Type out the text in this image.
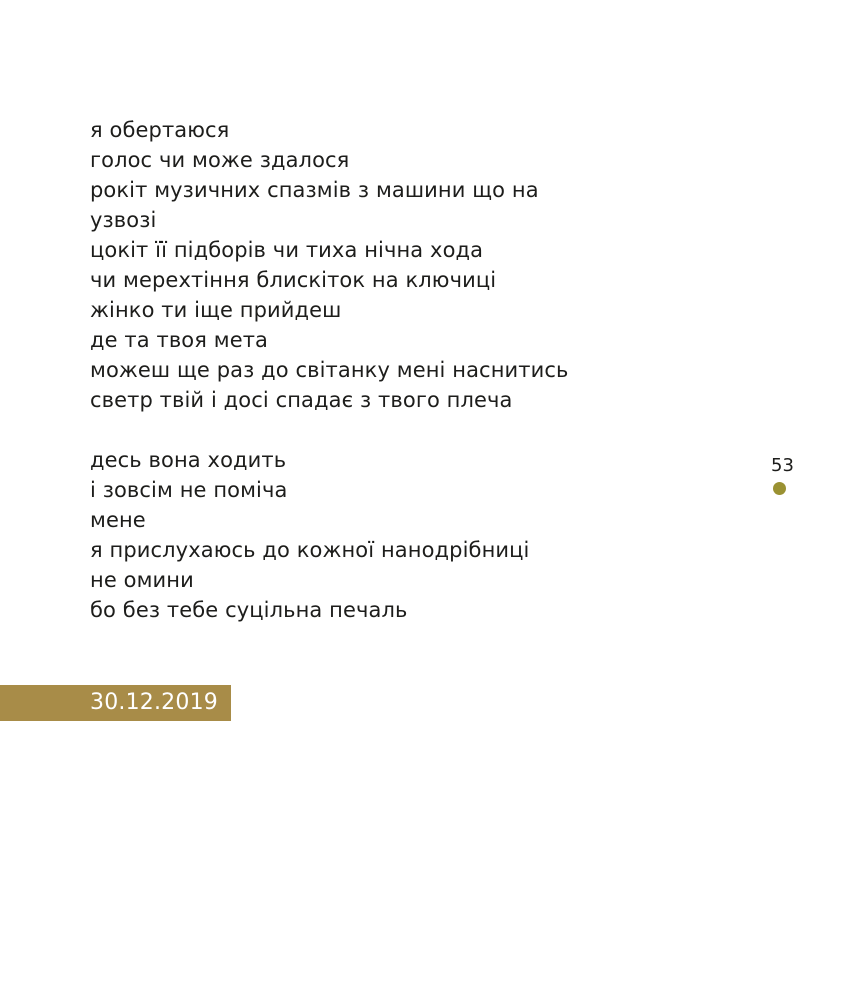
я обертаюся
голос чи може здалося
рокіт музичних спазмів з машини що на
узвозі
цокіт її підборів чи тиха нічна хода
чи мерехтіння блискіток на ключиці
жінко ти іще прийдеш
де та твоя мета
можеш ще раз до світанку мені наснитись
светр твій і досі спадає з твого плеча

десь вона ходить
і зовсім не поміча
мене
я прислухаюсь до кожної нанодрібниці
не омини
бо без тебе суцільна печаль

53
30.12.2019
